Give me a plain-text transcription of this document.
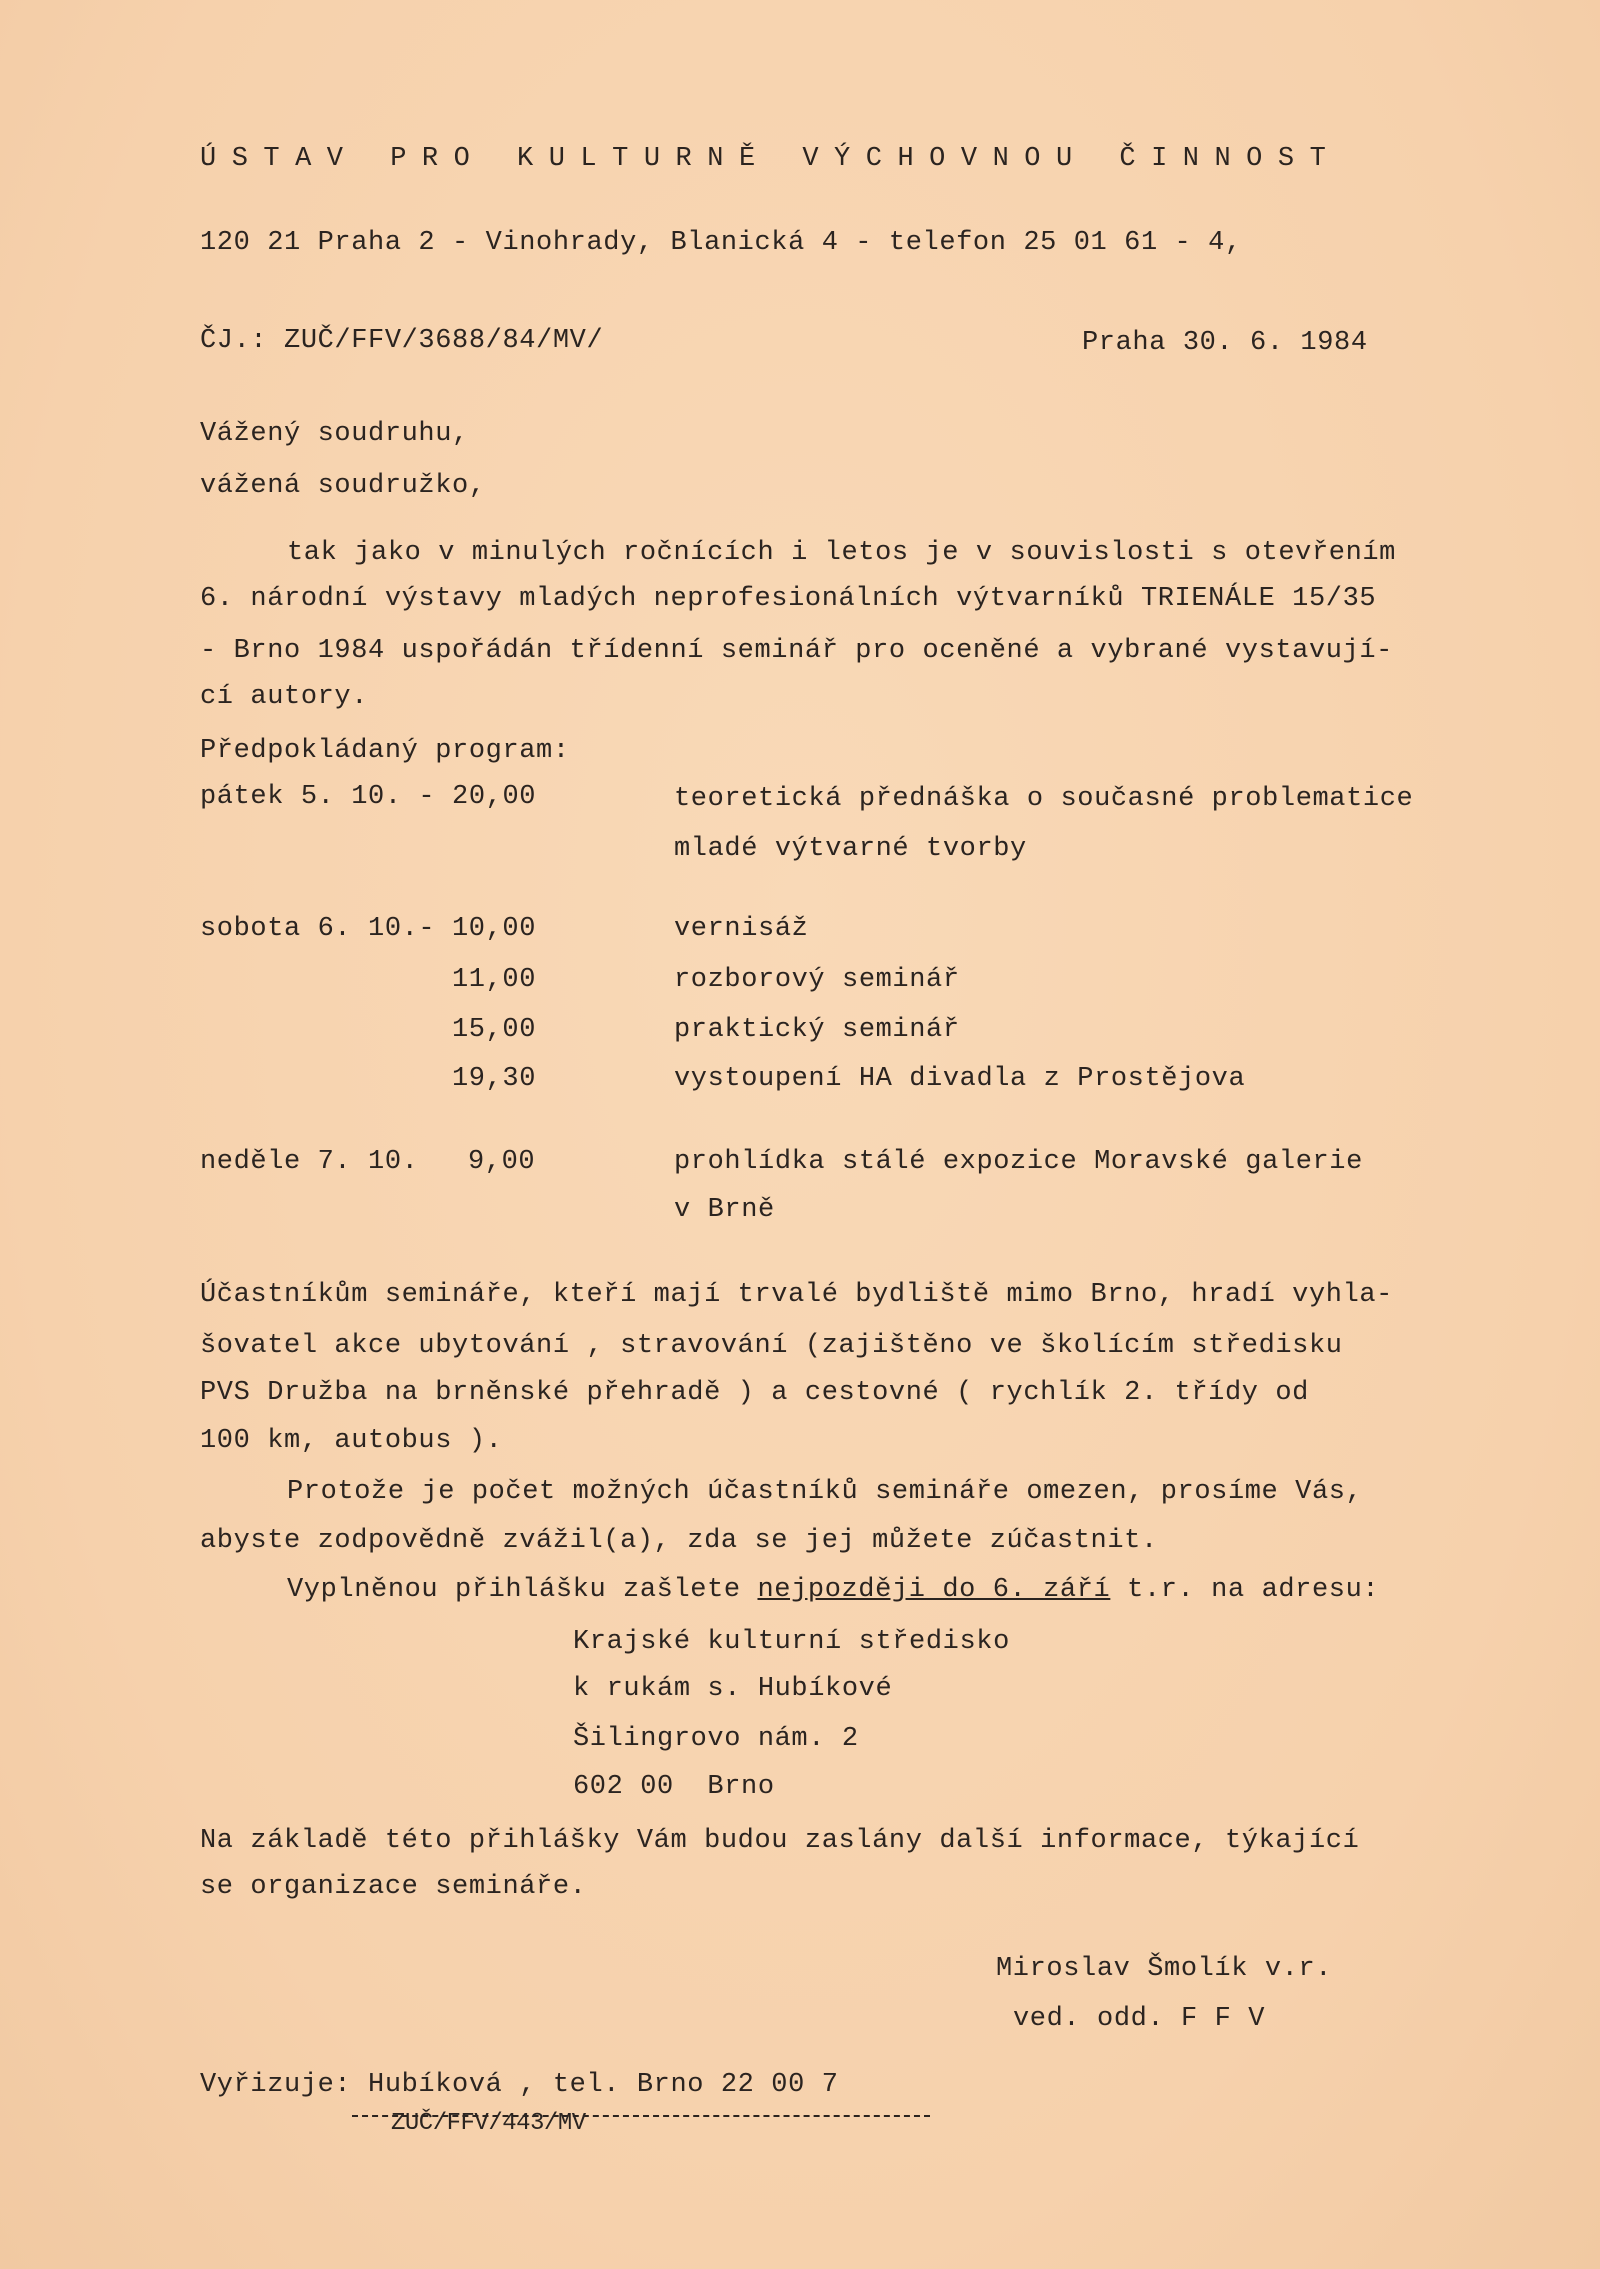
ÚSTAV PRO KULTURNĚ VÝCHOVNOU ČINNOST
120 21 Praha 2 - Vinohrady, Blanická 4 - telefon 25 01 61 - 4,
ČJ.: ZUČ/FFV/3688/84/MV/	Praha 30. 6. 1984
Vážený soudruhu,
vážená soudružko,
tak jako v minulých ročnících i letos je v souvislosti s otevřením
6. národní výstavy mladých neprofesionálních výtvarníků TRIENÁLE 15/35
- Brno 1984 uspořádán třídenní seminář pro oceněné a vybrané vystavují-
cí autory.
Předpokládaný program:
pátek 5. 10. - 20,00	teoretická přednáška o současné problematice
mladé výtvarné tvorby
sobota 6. 10.- 10,00	vernisáž
11,00	rozborový seminář
15,00	praktický seminář
19,30	vystoupení HA divadla z Prostějova
neděle 7. 10. 9,00	prohlídka stálé expozice Moravské galerie
v Brně
Účastníkům semináře, kteří mají trvalé bydliště mimo Brno, hradí vyhla-
šovatel akce ubytování , stravování (zajištěno ve školícím středisku
PVS Družba na brněnské přehradě ) a cestovné ( rychlík 2. třídy od
100 km, autobus ).
Protože je počet možných účastníků semináře omezen, prosíme Vás,
abyste zodpovědně zvážil(a), zda se jej můžete zúčastnit.
Vyplněnou přihlášku zašlete nejpozději do 6. září t.r. na adresu:
Krajské kulturní středisko
k rukám s. Hubíkové
Šilingrovo nám. 2
602 00  Brno
Na základě této přihlášky Vám budou zaslány další informace, týkající
se organizace semináře.
Miroslav Šmolík v.r.
ved. odd. F F V
Vyřizuje: Hubíková , tel. Brno 22 00 7
ZUČ/FFV/443/MV
